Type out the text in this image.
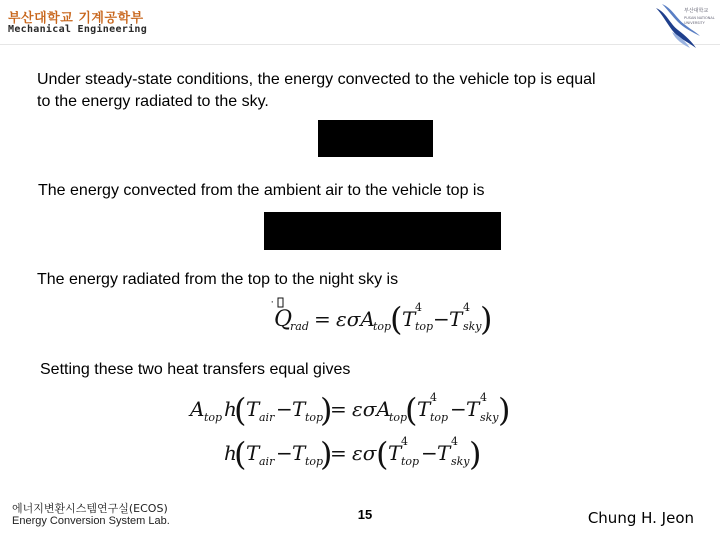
부산대학교 기계공학부
Mechanical Engineering
부산대학교
PUSAN NATIONAL
UNIVERSITY
Under steady-state conditions, the energy convected to the vehicle top is equal
to the energy radiated to the sky.
The energy convected from the ambient air to the vehicle top is
The energy radiated from the top to the night sky is
Q
rad = εσA
top
( T 4
top − T 4
sky
)
Setting these two heat transfers equal gives
A top h
( T air − T top
)
= εσA
top
( T 4
top − T 4
sky )
h
( T air − T top
)
= εσ ( T 4
top − T 4
sky )
에너지변환시스템연구실(ECOS)
Energy Conversion System Lab.	15	Chung H. Jeon
